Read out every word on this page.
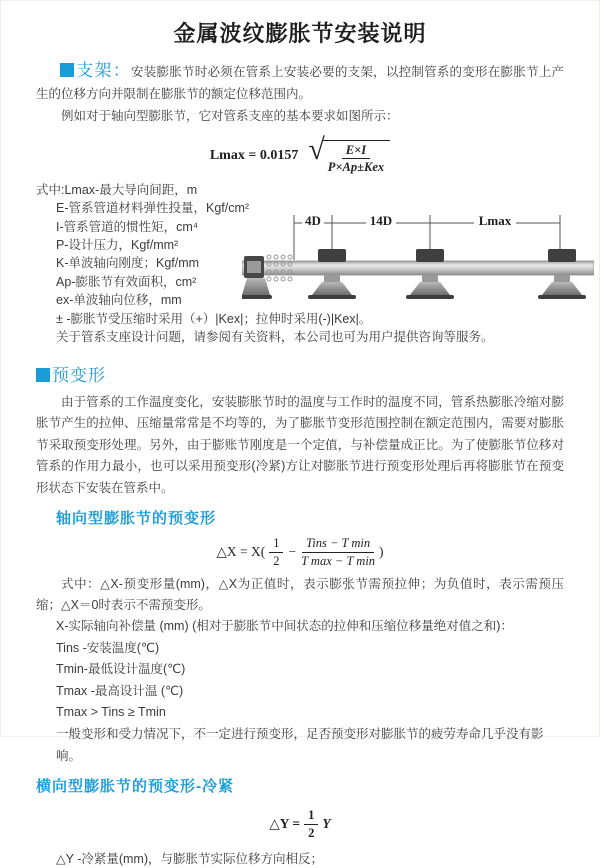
金属波纹膨胀节安装说明

支架：安装膨胀节时必须在管系上安装必要的支架，以控制管系的变形在膨胀节上产生的位移方向并限制在膨胀节的额定位移范围内。

例如对于轴向型膨胀节，它对管系支座的基本要求如图所示：

Lmax = 0.0157 √ $\frac{E\times I}{\text{P×Ap±Kex}}$
式中:Lmax-最大导向间距，m
E-管系管道材料弹性投量，Kgf/cm²
I-管系管道的惯性矩，cm⁴
P-设计压力，Kgf/mm²
K-单波轴向刚度；Kgf/mm
Ap-膨胀节有效面积，cm²
ex-单波轴向位移，mm
± -膨胀节受压缩时采用（+）|Kex|；拉伸时采用(-)|Kex|。
关于管系支座设计问题，请参阅有关资料，本公司也可为用户提供咨询等服务。
4D	14D	Lmax
预变形

由于管系的工作温度变化，安装膨胀节时的温度与工作时的温度不同，管系热膨胀冷缩对膨胀节产生的拉伸、压缩量常常是不均等的，为了膨胀节变形范围控制在额定范围内，需要对膨胀节采取预变形处理。另外，由于膨账节刚度是一个定值，与补偿量成正比。为了使膨胀节位移对管系的作用力最小，也可以采用预变形(冷紧)方让对膨胀节进行预变形处理后再将膨胀节在预变形状态下安装在管系中。

轴向型膨胀节的预变形
△X = $X( \frac{1}{2} - \frac{\text{Tins − T min}}{\text{T max − T min}}$ )

式中：△X-预变形量(mm)，△X为正值时，表示膨张节需预拉伸；为负值时，表示需预压缩；△X＝0时表示不需预变形。

X-实际轴向补偿量 (mm) (相对于膨胀节中间状态的拉伸和压缩位移量绝对值之和)：
Tins -安装温度(℃)
Tmin-最低设计温度(℃)
Tmax -最高设计温 (℃)
Tmax > Tins ≥ Tmin
一般变形和受力情况下，不一定进行预变形，足否预变形对膨胀节的疲劳寿命几乎没有影响。
横向型膨胀节的预变形-冷紧
△Y = $\frac{1}{2}$ Y
△Y -冷紧量(mm)，与膨胀节实际位移方向相反；
